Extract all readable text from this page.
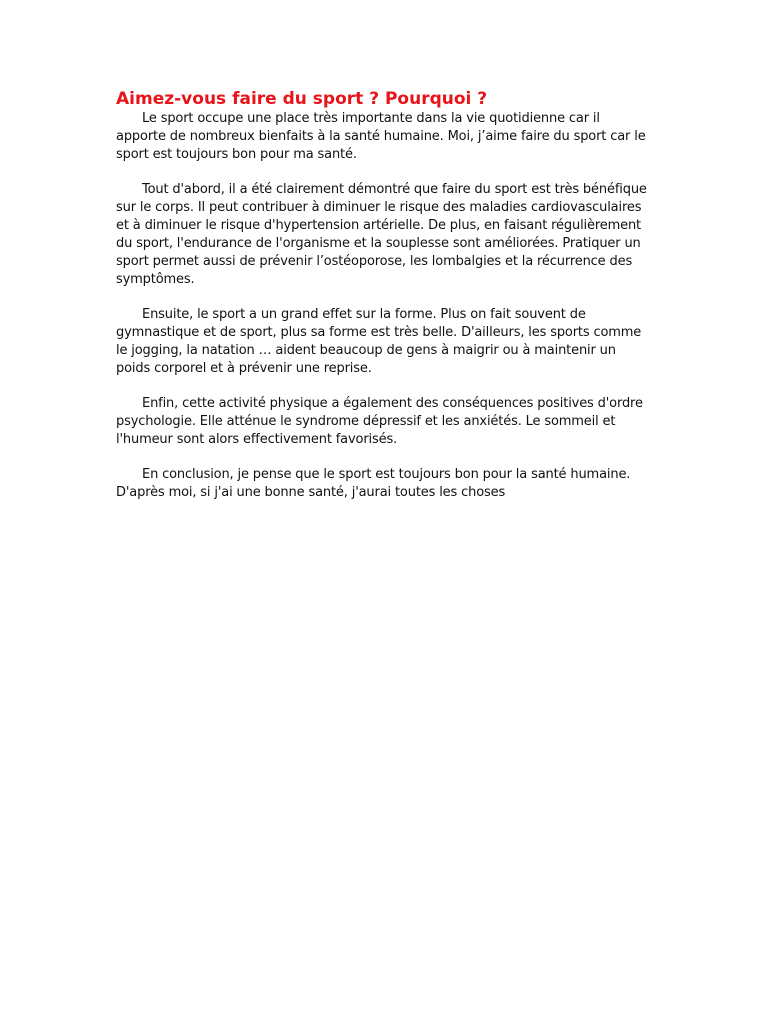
Aimez-vous faire du sport ? Pourquoi ?

Le sport occupe une place très importante dans la vie quotidienne car il apporte de nombreux bienfaits à la santé humaine. Moi, j’aime faire du sport car le sport est toujours bon pour ma santé.

Tout d'abord, il a été clairement démontré que faire du sport est très bénéfique sur le corps. Il peut contribuer à diminuer le risque des maladies cardiovasculaires et à diminuer le risque d'hypertension artérielle. De plus, en faisant régulièrement du sport, l'endurance de l'organisme et la souplesse sont améliorées. Pratiquer un sport permet aussi de prévenir l’ostéoporose, les lombalgies et la récurrence des symptômes.

Ensuite, le sport a un grand effet sur la forme. Plus on fait souvent de gymnastique et de sport, plus sa forme est très belle. D'ailleurs, les sports comme le jogging, la natation … aident beaucoup de gens à maigrir ou à maintenir un poids corporel et à prévenir une reprise.

Enfin, cette activité physique a également des conséquences positives d'ordre psychologie. Elle atténue le syndrome dépressif et les anxiétés. Le sommeil et l'humeur sont alors effectivement favorisés.

En conclusion, je pense que le sport est toujours bon pour la santé humaine. D'après moi, si j'ai une bonne santé, j'aurai toutes les choses
